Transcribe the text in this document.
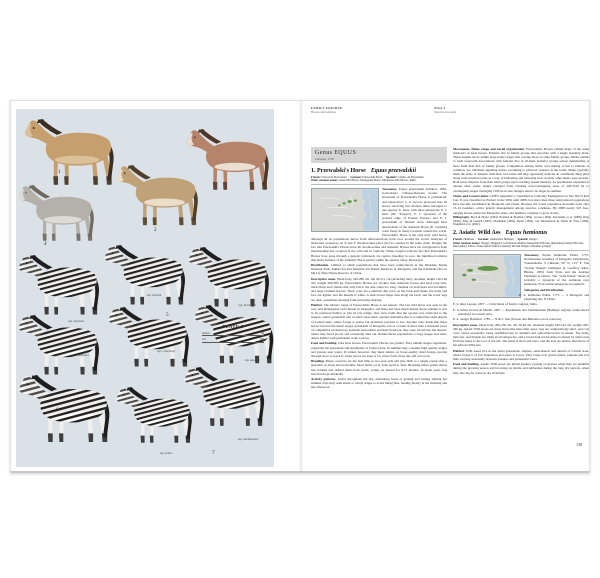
1
2
3
4
ssp. borensis
ssp. boehmi
ssp. burchellii
ssp. chapmani
5
ssp. crawshayi
ssp. quagga
6
ssp. hartmannae
7
ssp. zebra
PLATE 5
inches	60
cm	150
FAMILY EQUIDAE
Horses and relatives
Plate 5
Species Accounts
Genus EQUUS
Linnaeus, 1758
1. Przewalski's Horse Equus przewalskii
French: Cheval de Przewalski / German: Przewalski-Pferd / Spanish: Caballo de Przewalski
Other common names: Asian Wild Horse, Dzungarian Horse, Mongolian Wild Horse, Takhi

Taxonomy. Equus przewalskii Poliakov, 1881, Gobi-desert, Chinese-Russian border. The taxonomy of Przewalski's Horse is problematic and unresolved. C. P. Groves proposed that all horses surviving into modern times belonged to one species, E. ferus, with three subspecies: E. f. ferus (the “Tarpan”), E. f. sylvestris of the western edge of Eastern Europe, and E. f. przewalskii of Western Asia. Although feral descendants of the domestic Horse (E. caballus) roam freely in many locations around the world, Przewalski's Horse is the only truly wild horse, although all its populations derive from reintroductions from zoos around the world. Analyses of molecular sequences on X and Y chromosomes place the two species in the same clade. Despite the fact that Przewalski's Horses have 66 chromosomes and domestic Horses have 64, introgression from interbreeding has occurred in the wild and in captivity. When coupled with the fact that Przewalski's Horses have gone through a genetic bottleneck via captive breeding in zoos, the likelihood remains that many features of the domestic Horse persist within the species today. Monotypic.

Distribution. Limited to small populations that have been reintroduced in the Khustain Nuruu National Park, Takhin Tal and Khomiin Tal Nature Reserves of Mongolia, and the Kalamaili (Ka La Ma Li) Shan Nature Reserve of China.

Descriptive notes. Head-body 220-280 cm, tail 90-111 cm (including hair), shoulder height 120-146 cm; weight 200-300 kg. Przewalski's Horses are stockier than domestic horses and have long tails, thick black erect manes that only fall to the side when too long, chestnut on both head and forelimbs, and large rounded hooves. Their coats are a uniform dun color on the back and flanks, the belly and face are lighter, and the muzzle is white. A dark dorsal stripe runs along the back, and the lower legs are dark, sometimes showing faint zebra-like striping.

Habitat. The historic range of Przewalski's Horse is not known. The last wild horse was seen in the very arid Dzungarian Gobi Desert in Mongolia, and there has been much debate about whether it was in its preferred habitat or just its last refuge. One view holds that the species was restricted to the steppes, where grasslands and wooded areas meet; another maintains that it occupied the semi-deserts of Central Asia, where forage is sparse but predation pressure is low. Another view holds that these horses favored the mesic steppe grasslands of Mongolia, but as a result of more than a thousand years of competitive exclusion by nomadic pastoralists and their livestock, they were forced into the deserts, where they fared poorly and eventually died out. Reintroduced populations occupy steppe and semi-desert habitat with permanent water sources.

Food and Feeding. Like feral horses, Przewalski's Horses are grazers. They inhabit steppe vegetation, especially the grasslands and shrublands of Central Asia. In summer they consume high-quality sedges and grasses near water. In winter, however, they must subsist on lower-quality dried forage, pawing through snow to reach it; when snows are deep or ice crusts form, mass die-offs can occur.

Breeding. Mares conceive for the first time as two-year-olds and give birth to a single young after a gestation of about eleven months. Most births occur from April to June. Breeding males gather mares into harems and defend them from rivals; young are nursed for 8-13 months. In harsh years foal survival drops markedly.

Activity patterns. Active throughout the day, alternating bouts of grazing and resting. During hot summer days they seek shade or windy ridges to avoid biting flies, feeding mostly in the morning and late afternoon.

Movements, Home range and Social organization. Przewalski's Horses exhibit many of the same behaviors as feral horses. Females live in family groups that associate with a single breeding male. These harems move within large home ranges that overlap those of other family groups. Males unable to form long-term associations with females live in all-male bachelor groups whose membership is more fluid than that of family groups. Competition among males over mating access to females is common, yet ritualized signaling before escalating to physical violence is the norm. Males typically mark the urine of females with their own urine and they repeatedly defecate in communal dung piles along well-traveled routes as a way of indicating and assessing how recently other males were present. Both sexes disperse from their natal groups upon reaching sexual maturity. As populations expanded at release sites, home ranges changed from virtually non-overlapping areas of 200-1100 ha to overlapping ranges averaging 1500 ha in size. Ranges tend to be larger in summer.

Status and Conservation. CITES Appendix I. Classified as Critically Endangered on The IUCN Red List. It was classified as Extinct in the Wild until 2008, but since then three reintroduced populations have become established in Mongolia and China. Because the world population descends from only 13-14 founders, active genetic management among reserves continues. By 2008 nearly 325 free-ranging horses existed in Mongolia alone, and numbers continue to grow slowly.

Bibliography. Boyd & Houpt (1994), Bouman & Bouman (1994), Groves (1994), Kaczensky et al. (2008), King (2002), King & Gurnell (2005), Moehlman (2002), Ryder (1994), van Dierendonck & Wallis de Vries (1996), Wakefield et al. (2002).

2. Asiatic Wild Ass Equus hemionus
French: Hémione / German: Asiatischer Halbesel / Spanish: Onagro
Other common names: Onager; Dziggetai, Gobi Kulan, Khulan, Mongolian Wild Ass (hemionus); Indian Wild Ass, Khur (khur); Kulan, Transcaspian Wild Ass (kulan); Persian Onager, Ghorkhar (onager)

Taxonomy. Equus hemionus Pallas, 1775, Northeastern boundary of Mongolia with Russia, Transbaikalia, S Chitinsk, 50° N, 115° E. The “Syrian Onager” hemippus (I. Geoffroy Saint-Hilaire, 1855) from Syria and the Arabian Peninsula is extinct. The “Gobi Kulan” luteus is probably a synonym of the nominate race hemionus. Four extant subspecies recognized.

Subspecies and Distribution.

E. h. hemionus Pallas, 1775 — S Mongolia and extending into N China.

E. h. khur Lesson, 1827 — Little Rann of Kutch, Gujarat, India.

E. h. kulan Groves & Mazák, 1967 — Kazakhstan and Turkmenistan (Badkhyz region); reintroduced elsewhere in Central Asia.

E. h. onager Boddaert, 1785 — N & C Iran (Touran and Bahram-e-Goor reserves).

Descriptive notes. Head-body 200-250 cm, tail 30-49 cm, shoulder height 100-142 cm; weight 200-260 kg. Asiatic Wild Asses are more horse-like than other asses: legs are comparatively short, and coat color varies seasonally, being reddish-brown in summer and yellowish-brown in winter. The belly, buttocks, and muzzle are white in all subspecies, and a broad dark dorsal stripe bordered by white runs from the mane to the root of the tail. The mane is short and erect, and the ears are shorter than those of the African Wild Ass.

Habitat. Wild Asses live in the driest grasslands, steppes, semi-deserts and deserts of Central Asia, where forage is of low abundance and water is scarce. They range over gravel plains, saltpans and low hills, moving seasonally between pastures and permanent water.

Food and Feeding. Asiatic Wild Asses are mixed feeders, grazing on grasses when they are plentiful during the growing season and browsing on shrubs and saltbushes during the long dry periods, when they also dig for water in dry riverbeds.

138
